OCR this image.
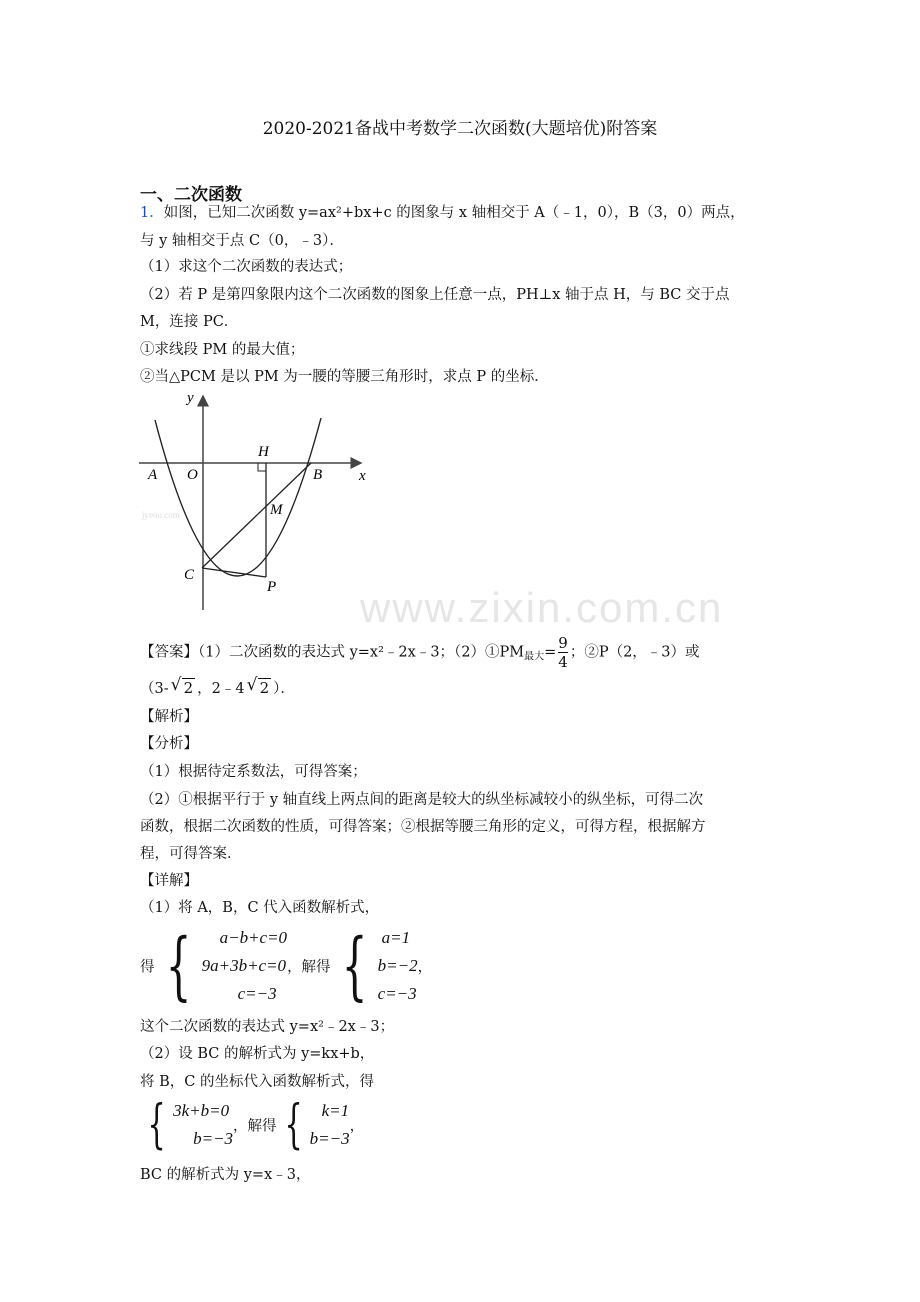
2020-2021备战中考数学二次函数(大题培优)附答案
一、二次函数
1．如图，已知二次函数 y=ax²+bx+c 的图象与 x 轴相交于 A（﹣1，0），B（3，0）两点，
与 y 轴相交于点 C（0，﹣3）．
（1）求这个二次函数的表达式；
（2）若 P 是第四象限内这个二次函数的图象上任意一点，PH⊥x 轴于点 H，与 BC 交于点
M，连接 PC．
①求线段 PM 的最大值；
②当△PCM 是以 PM 为一腰的等腰三角形时，求点 P 的坐标．
y
x
A O
H
B
M
C
P
jyeoo.com
www.zixin.com.cn
【答案】（1）二次函数的表达式 y=x²﹣2x﹣3；$(2)①PM_{最大}= \frac{9}{4}$ ；②P（2，﹣3）或
（3- √ 2 ，2﹣4 √ 2 ）．
【解析】
【分析】
（1）根据待定系数法，可得答案；
（2）①根据平行于 y 轴直线上两点间的距离是较大的纵坐标减较小的纵坐标，可得二次
函数，根据二次函数的性质，可得答案；②根据等腰三角形的定义，可得方程，根据解方
程，可得答案．
【详解】
（1）将 A，B，C 代入函数解析式，
得 {	a−b+c=0
9a+3b+c=0
c=−3
，解得 { a=1
b=−2
c=−3
，
这个二次函数的表达式 y=x²﹣2x﹣3；
（2）设 BC 的解析式为 y=kx+b，
将 B，C 的坐标代入函数解析式，得
{ 3k+b=0
b=−3
，解得 {	k=1
b=−3
，
BC 的解析式为 y=x﹣3，
